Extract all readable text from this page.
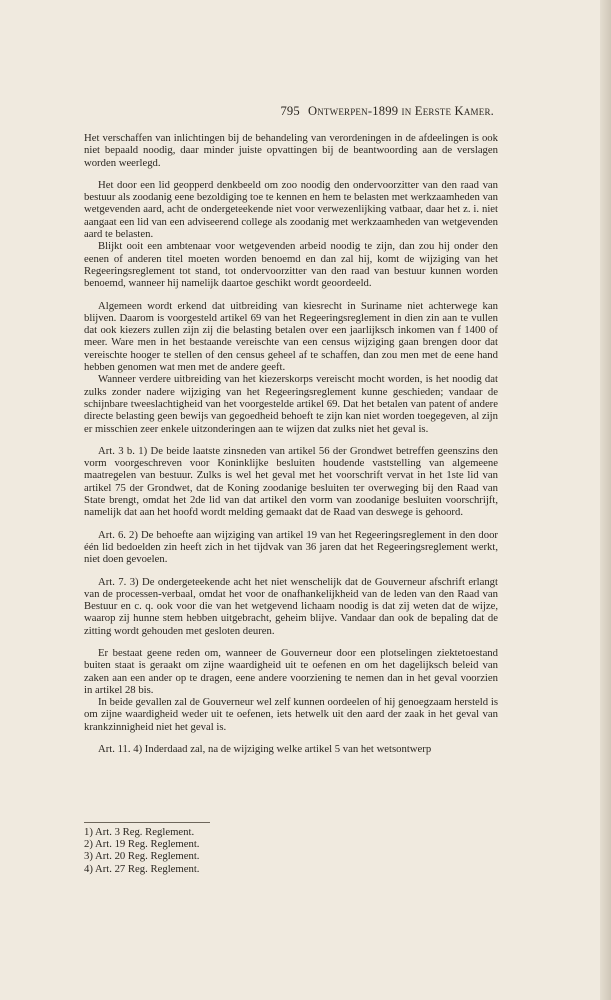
795 Ontwerpen-1899 in Eerste Kamer.

Het verschaffen van inlichtingen bij de behandeling van verordeningen in de afdeelingen is ook niet bepaald noodig, daar minder juiste opvattingen bij de beantwoording aan de verslagen worden weerlegd.

Het door een lid geopperd denkbeeld om zoo noodig den ondervoorzitter van den raad van bestuur als zoodanig eene bezoldiging toe te kennen en hem te belasten met werkzaamheden van wetgevenden aard, acht de ondergeteekende niet voor verwezenlijking vatbaar, daar het z. i. niet aangaat een lid van een adviseerend college als zoodanig met werkzaamheden van wetgevenden aard te belasten.

Blijkt ooit een ambtenaar voor wetgevenden arbeid noodig te zijn, dan zou hij onder den eenen of anderen titel moeten worden benoemd en dan zal hij, komt de wijziging van het Regeeringsreglement tot stand, tot ondervoorzitter van den raad van bestuur kunnen worden benoemd, wanneer hij namelijk daartoe geschikt wordt geoordeeld.

Algemeen wordt erkend dat uitbreiding van kiesrecht in Suriname niet achterwege kan blijven. Daarom is voorgesteld artikel 69 van het Regeeringsreglement in dien zin aan te vullen dat ook kiezers zullen zijn zij die belasting betalen over een jaarlijksch inkomen van f 1400 of meer. Ware men in het bestaande vereischte van een census wijziging gaan brengen door dat vereischte hooger te stellen of den census geheel af te schaffen, dan zou men met de eene hand hebben genomen wat men met de andere geeft.

Wanneer verdere uitbreiding van het kiezerskorps vereischt mocht worden, is het noodig dat zulks zonder nadere wijziging van het Regeeringsreglement kunne geschieden; vandaar de schijnbare tweeslachtigheid van het voorgestelde artikel 69. Dat het betalen van patent of andere directe belasting geen bewijs van gegoedheid behoeft te zijn kan niet worden toegegeven, al zijn er misschien zeer enkele uitzonderingen aan te wijzen dat zulks niet het geval is.

Art. 3 b. 1) De beide laatste zinsneden van artikel 56 der Grondwet betreffen geenszins den vorm voorgeschreven voor Koninklijke besluiten houdende vaststelling van algemeene maatregelen van bestuur. Zulks is wel het geval met het voorschrift vervat in het 1ste lid van artikel 75 der Grondwet, dat de Koning zoodanige besluiten ter overweging bij den Raad van State brengt, omdat het 2de lid van dat artikel den vorm van zoodanige besluiten voorschrijft, namelijk dat aan het hoofd wordt melding gemaakt dat de Raad van deswege is gehoord.

Art. 6. 2) De behoefte aan wijziging van artikel 19 van het Regeeringsreglement in den door één lid bedoelden zin heeft zich in het tijdvak van 36 jaren dat het Regeeringsreglement werkt, niet doen gevoelen.

Art. 7. 3) De ondergeteekende acht het niet wenschelijk dat de Gouverneur afschrift erlangt van de processen-verbaal, omdat het voor de onafhankelijkheid van de leden van den Raad van Bestuur en c. q. ook voor die van het wetgevend lichaam noodig is dat zij weten dat de wijze, waarop zij hunne stem hebben uitgebracht, geheim blijve. Vandaar dan ook de bepaling dat de zitting wordt gehouden met gesloten deuren.

Er bestaat geene reden om, wanneer de Gouverneur door een plotselingen ziektetoestand buiten staat is geraakt om zijne waardigheid uit te oefenen en om het dagelijksch beleid van zaken aan een ander op te dragen, eene andere voorziening te nemen dan in het geval voorzien in artikel 28 bis.

In beide gevallen zal de Gouverneur wel zelf kunnen oordeelen of hij genoegzaam hersteld is om zijne waardigheid weder uit te oefenen, iets hetwelk uit den aard der zaak in het geval van krankzinnigheid niet het geval is.

Art. 11. 4) Inderdaad zal, na de wijziging welke artikel 5 van het wetsontwerp

1) Art. 3 Reg. Reglement.
2) Art. 19 Reg. Reglement.
3) Art. 20 Reg. Reglement.
4) Art. 27 Reg. Reglement.
